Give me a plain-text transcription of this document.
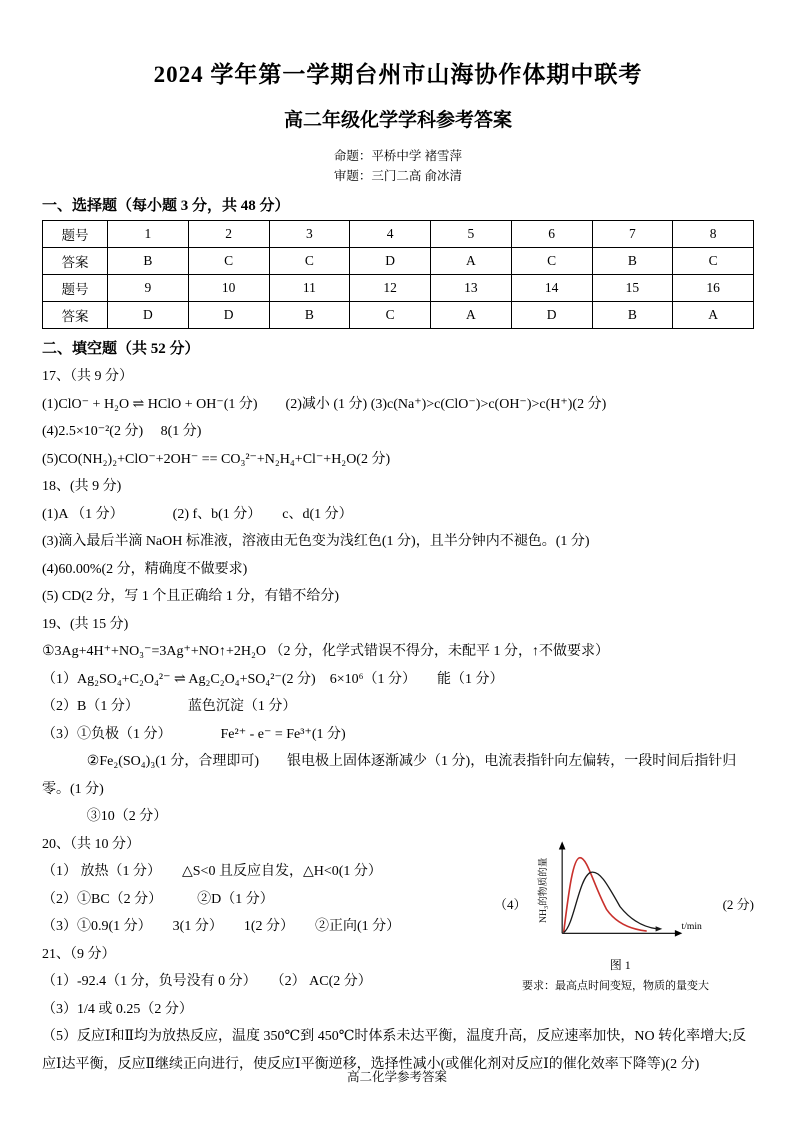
2024 学年第一学期台州市山海协作体期中联考
高二年级化学学科参考答案
命题：平桥中学 褚雪萍
审题：三门二高 俞冰清
一、选择题（每小题 3 分，共 48 分）
题号	1	2	3	4	5	6	7	8
答案	B	C	C	D	A	C	B	C
题号	9	10	11	12	13	14	15	16
答案	D	D	B	C	A	D	B	A
二、填空题（共 52 分）
17、（共 9 分）
(1)ClO⁻ + H₂O ⇌ HClO + OH⁻(1 分)　　(2)减小 (1 分) (3)c(Na⁺)>c(ClO⁻)>c(OH⁻)>c(H⁺)(2 分)
(4)2.5×10⁻²(2 分)　 8(1 分)
(5)CO(NH₂)₂+ClO⁻+2OH⁻ == CO₃²⁻+N₂H₄+Cl⁻+H₂O(2 分)
18、(共 9 分)
(1)A （1 分）　　　　(2) f、b(1 分）　　c、d(1 分）
(3)滴入最后半滴 NaOH 标准液，溶液由无色变为浅红色(1 分)，且半分钟内不褪色。(1 分)
(4)60.00%(2 分，精确度不做要求)
(5) CD(2 分，写 1 个且正确给 1 分，有错不给分)
19、(共 15 分)
①3Ag+4H⁺+NO₃⁻=3Ag⁺+NO↑+2H₂O （2 分，化学式错误不得分，未配平 1 分，↑不做要求）
（1）Ag₂SO₄+C₂O₄²⁻ ⇌ Ag₂C₂O₄+SO₄²⁻(2 分)　6×10⁶（1 分）　　能（1 分）
（2）B（1 分）　　　　蓝色沉淀（1 分）
（3）①负极（1 分）　　　　Fe²⁺ - e⁻ = Fe³⁺(1 分)
②Fe₂(SO₄)₃(1 分，合理即可)　　银电极上固体逐渐减少（1 分)，电流表指针向左偏转，一段时间后指针归零。(1 分)
③10（2 分）
20、（共 10 分）
（1） 放热（1 分）　　△S<0 且反应自发，△H<0(1 分）
（2）①BC（2 分）　　　②D（1 分）
（3）①0.9(1 分）　　3(1 分）　　1(2 分）　　②正向(1 分）
21、（9 分）
（1）-92.4（1 分，负号没有 0 分）　　（2） AC(2 分）
（3）1/4 或 0.25（2 分）
（4） NH₃的物质的量
t/min
图 1
(2 分)
要求：最高点时间变短，物质的量变大
（5）反应Ⅰ和Ⅱ均为放热反应，温度 350℃到 450℃时体系未达平衡，温度升高，反应速率加快，NO 转化率增大;反应Ⅰ达平衡，反应Ⅱ继续正向进行，使反应Ⅰ平衡逆移，选择性减小(或催化剂对反应Ⅰ的催化效率下降等)(2 分)
高二化学参考答案
